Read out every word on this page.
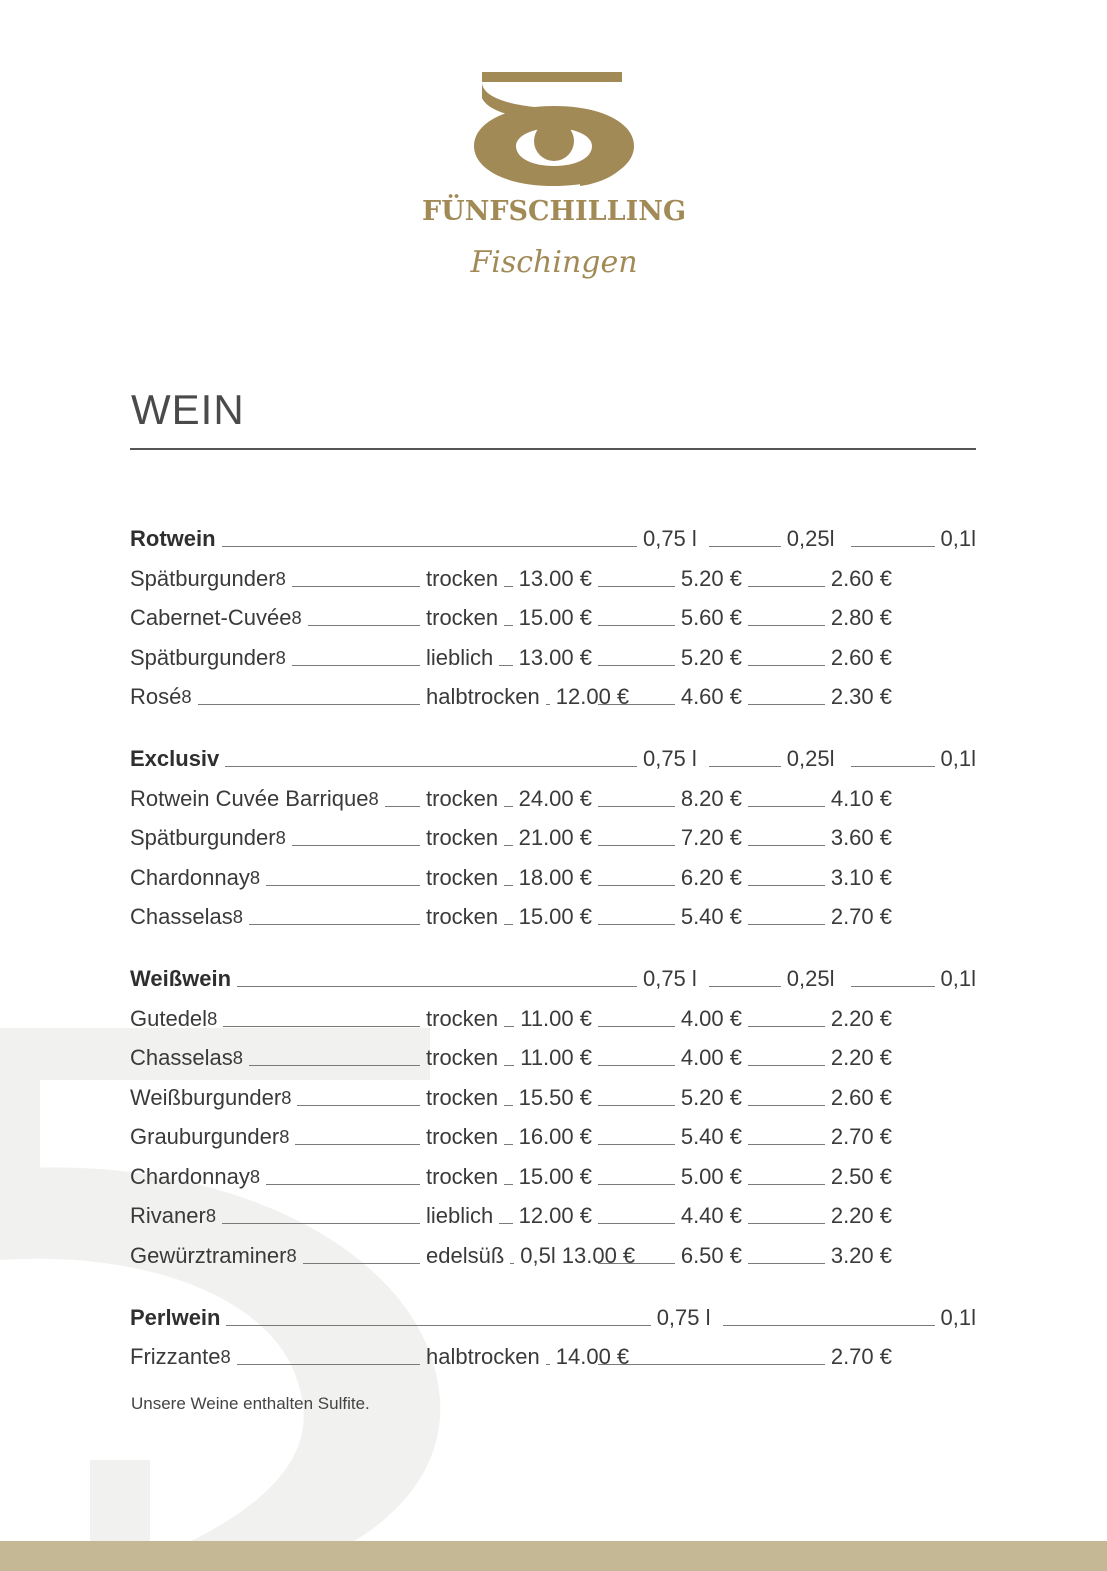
FÜNFSCHILLING
Fischingen
WEIN
Rotwein	0,75 l	0,25l	0,1l
Spätburgunder 8	trocken 13.00 €	5.20 €	2.60 €
Cabernet-Cuvée 8	trocken 15.00 €	5.60 €	2.80 €
Spätburgunder 8	lieblich 13.00 €	5.20 €	2.60 €
Rosé 8	halbtrocken 12.00 € 4.60 €	2.30 €
Exclusiv	0,75 l	0,25l	0,1l
Rotwein Cuvée Barrique 8 trocken 24.00 €	8.20 €	4.10 €
Spätburgunder 8	trocken 21.00 €	7.20 €	3.60 €
Chardonnay 8	trocken 18.00 €	6.20 €	3.10 €
Chasselas 8	trocken 15.00 €	5.40 €	2.70 €
Weißwein	0,75 l	0,25l	0,1l
Gutedel 8	trocken 11.00 €	4.00 €	2.20 €
Chasselas 8	trocken 11.00 €	4.00 €	2.20 €
Weißburgunder 8	trocken 15.50 €	5.20 €	2.60 €
Grauburgunder 8	trocken 16.00 €	5.40 €	2.70 €
Chardonnay 8	trocken 15.00 €	5.00 €	2.50 €
Rivaner 8	lieblich 12.00 €	4.40 €	2.20 €
Gewürztraminer 8	edelsüß 0,5l 13.00 € 6.50 €	3.20 €
Perlwein	0,75 l	0,1l
Frizzante 8	halbtrocken 14.00 €	2.70 €

Unsere Weine enthalten Sulfite.
